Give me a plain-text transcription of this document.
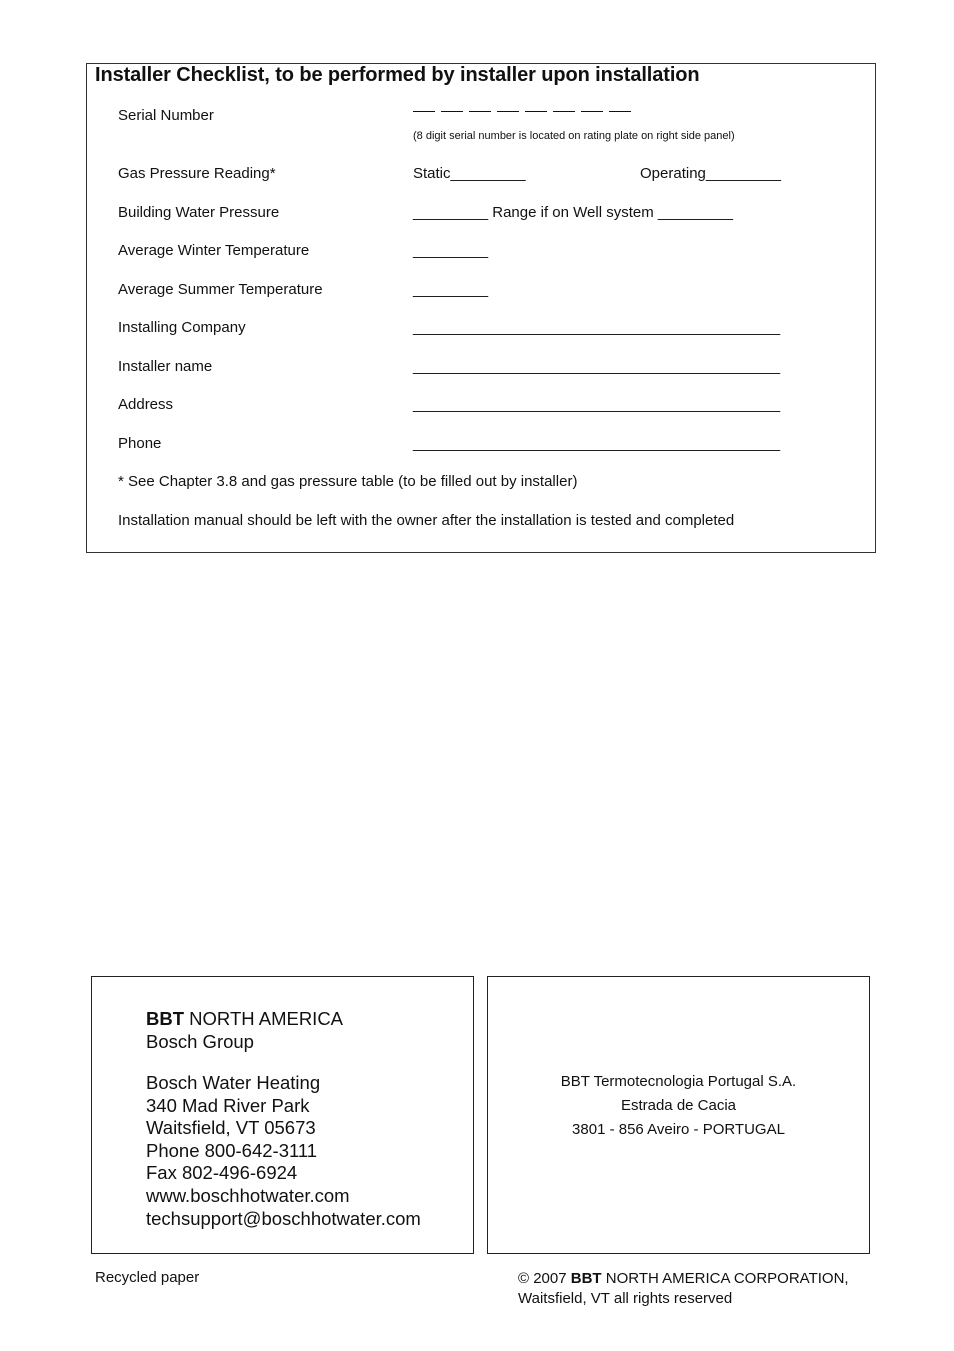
Installer Checklist, to be performed by installer upon installation
Serial Number
(8 digit serial number is located on rating plate on right side panel)
Gas Pressure Reading*	Static_________	Operating_________
Building Water Pressure	_________ Range if on Well system _________
Average Winter Temperature	_________
Average Summer Temperature	_________
Installing Company	____________________________________________
Installer name	____________________________________________
Address	____________________________________________
Phone	____________________________________________
* See Chapter 3.8 and gas pressure table (to be filled out by installer)
Installation manual should be left with the owner after the installation is tested and completed
BBT NORTH AMERICA
Bosch Group
Bosch Water Heating
340 Mad River Park
Waitsfield, VT 05673
Phone 800-642-3111
Fax 802-496-6924
www.boschhotwater.com
techsupport@boschhotwater.com
BBT Termotecnologia Portugal S.A.
Estrada de Cacia
3801 - 856 Aveiro - PORTUGAL
Recycled paper	© 2007 BBT NORTH AMERICA CORPORATION,
Waitsfield, VT all rights reserved
